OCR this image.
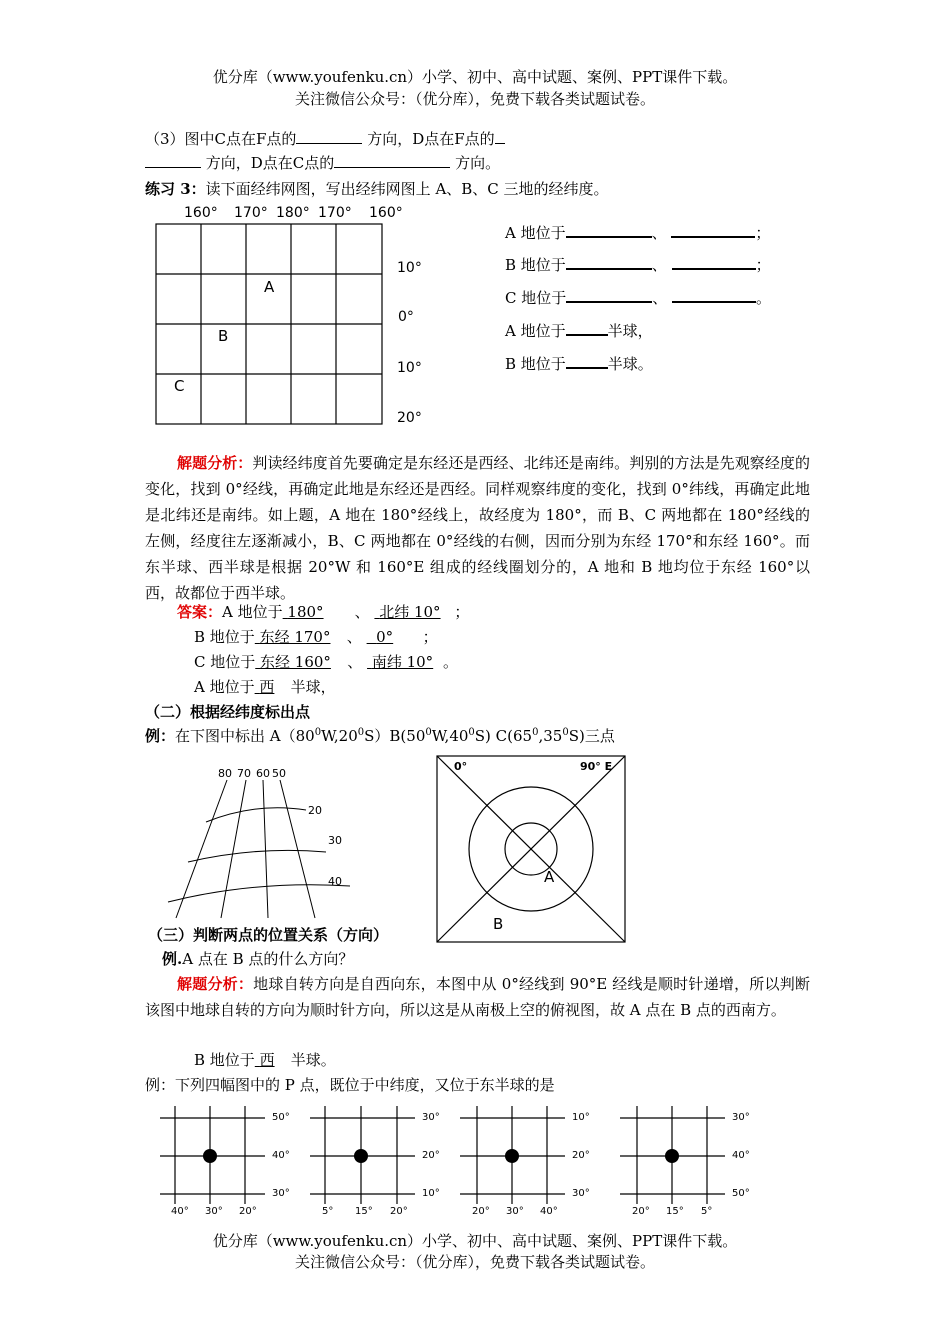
优分库（www.youfenku.cn）小学、初中、高中试题、案例、PPT课件下载。
关注微信公众号：（优分库），免费下载各类试题试卷。
（3）图中C点在F点的	方向，D点在F点的
方向，D点在C点的	方向。
练习 3：读下面经纬网图，写出经纬网图上 A、B、C 三地的经纬度。
160° 170° 180° 170° 160°
10°
0°
10°
20°
A
B
C
A 地位于	、	；
B 地位于	、	；
C 地位于	、	。
A 地位于	半球，
B 地位于	半球。
解题分析：判读经纬度首先要确定是东经还是西经、北纬还是南纬。判别的方法是先观察经度的变化，找到 0°经线，再确定此地是东经还是西经。同样观察纬度的变化，找到 0°纬线，再确定此地是北纬还是南纬。如上题，A 地在 180°经线上，故经度为 180°，而 B、C 两地都在 180°经线的左侧，经度往左逐渐减小，B、C 两地都在 0°经线的右侧，因而分别为东经 170°和东经 160°。而东半球、西半球是根据 20°W 和 160°E 组成的经线圈划分的，A 地和 B 地均位于东经 160°以西，故都位于西半球。
答案：A 地位于 180° 、 北纬 10° ；
B 地位于 东经 170° 、 0° ；
C 地位于 东经 160° 、 南纬 10° 。
A 地位于 西 半球，
（二）根据经纬度标出点
例：在下图中标出 $A(80^0W,20^0S)B(50^0W,40^0S)$ $C(65^0,35^0S)$三点
80 70 60 50
20
30
40
0°	90° E
A
B
（三）判断两点的位置关系（方向）
例.A 点在 B 点的什么方向？
解题分析：地球自转方向是自西向东，本图中从 0°经线到 90°E 经线是顺时针递增，所以判断该图中地球自转的方向为顺时针方向，所以这是从南极上空的俯视图，故 A 点在 B 点的西南方。
B 地位于 西 半球。
例：下列四幅图中的 P 点，既位于中纬度，又位于东半球的是
50°
40°
30°
40° 30° 20°
30°
20°
10°
5° 15° 20°
10°
20°
30°
20° 30° 40°
30°
40°
50°
20° 15° 5°
优分库（www.youfenku.cn）小学、初中、高中试题、案例、PPT课件下载。
关注微信公众号：（优分库），免费下载各类试题试卷。
